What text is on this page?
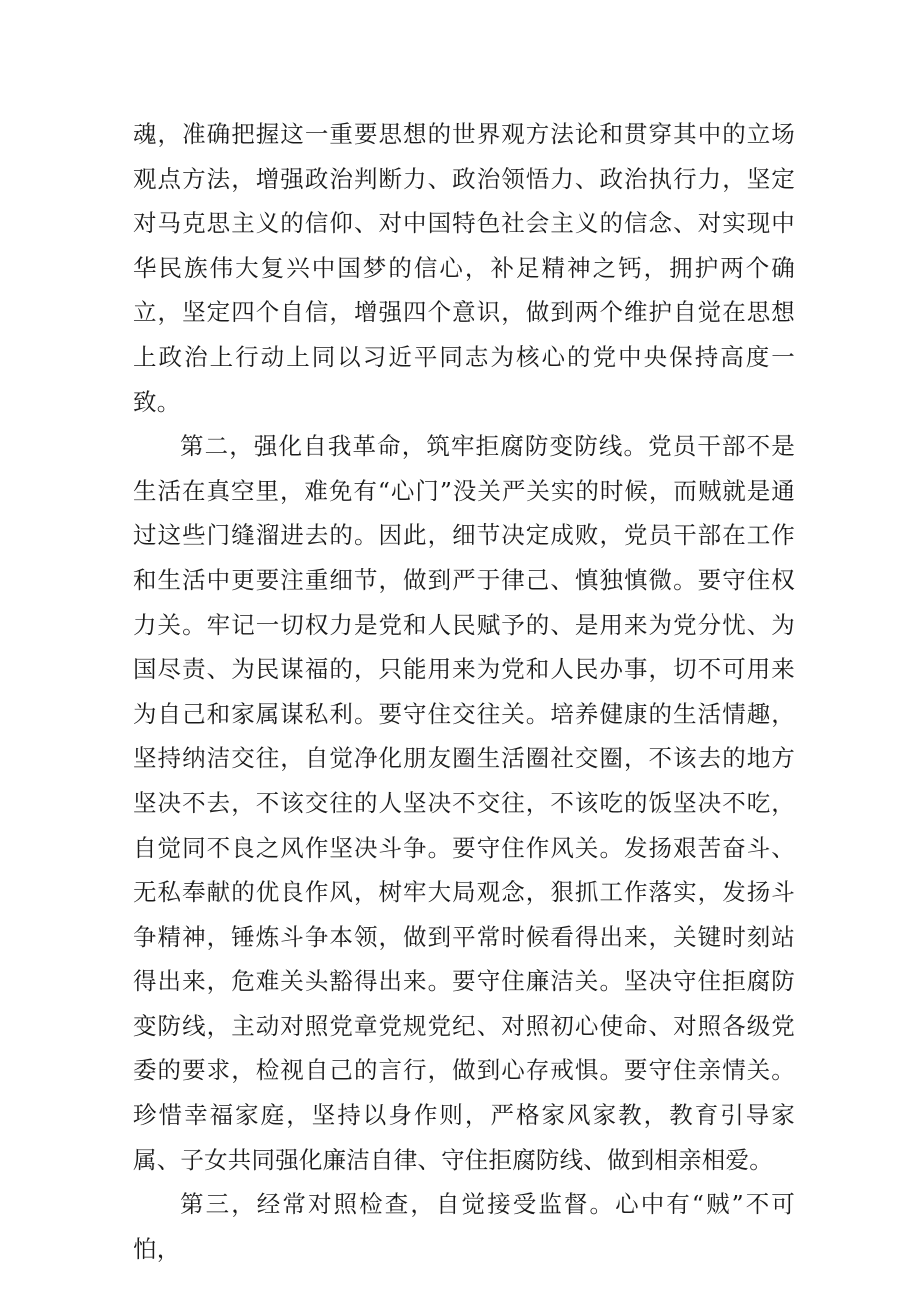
魂，准确把握这一重要思想的世界观方法论和贯穿其中的立场观点方法，增强政治判断力、政治领悟力、政治执行力，坚定对马克思主义的信仰、对中国特色社会主义的信念、对实现中华民族伟大复兴中国梦的信心，补足精神之钙，拥护两个确立，坚定四个自信，增强四个意识，做到两个维护自觉在思想上政治上行动上同以习近平同志为核心的党中央保持高度一致。

第二，强化自我革命，筑牢拒腐防变防线。党员干部不是生活在真空里，难免有“心门”没关严关实的时候，而贼就是通过这些门缝溜进去的。因此，细节决定成败，党员干部在工作和生活中更要注重细节，做到严于律己、慎独慎微。要守住权力关。牢记一切权力是党和人民赋予的、是用来为党分忧、为国尽责、为民谋福的，只能用来为党和人民办事，切不可用来为自己和家属谋私利。要守住交往关。培养健康的生活情趣，坚持纳洁交往，自觉净化朋友圈生活圈社交圈，不该去的地方坚决不去，不该交往的人坚决不交往，不该吃的饭坚决不吃，自觉同不良之风作坚决斗争。要守住作风关。发扬艰苦奋斗、无私奉献的优良作风，树牢大局观念，狠抓工作落实，发扬斗争精神，锤炼斗争本领，做到平常时候看得出来，关键时刻站得出来，危难关头豁得出来。要守住廉洁关。坚决守住拒腐防变防线，主动对照党章党规党纪、对照初心使命、对照各级党委的要求，检视自己的言行，做到心存戒惧。要守住亲情关。珍惜幸福家庭，坚持以身作则，严格家风家教，教育引导家属、子女共同强化廉洁自律、守住拒腐防线、做到相亲相爱。

第三，经常对照检查，自觉接受监督。心中有“贼”不可怕，
